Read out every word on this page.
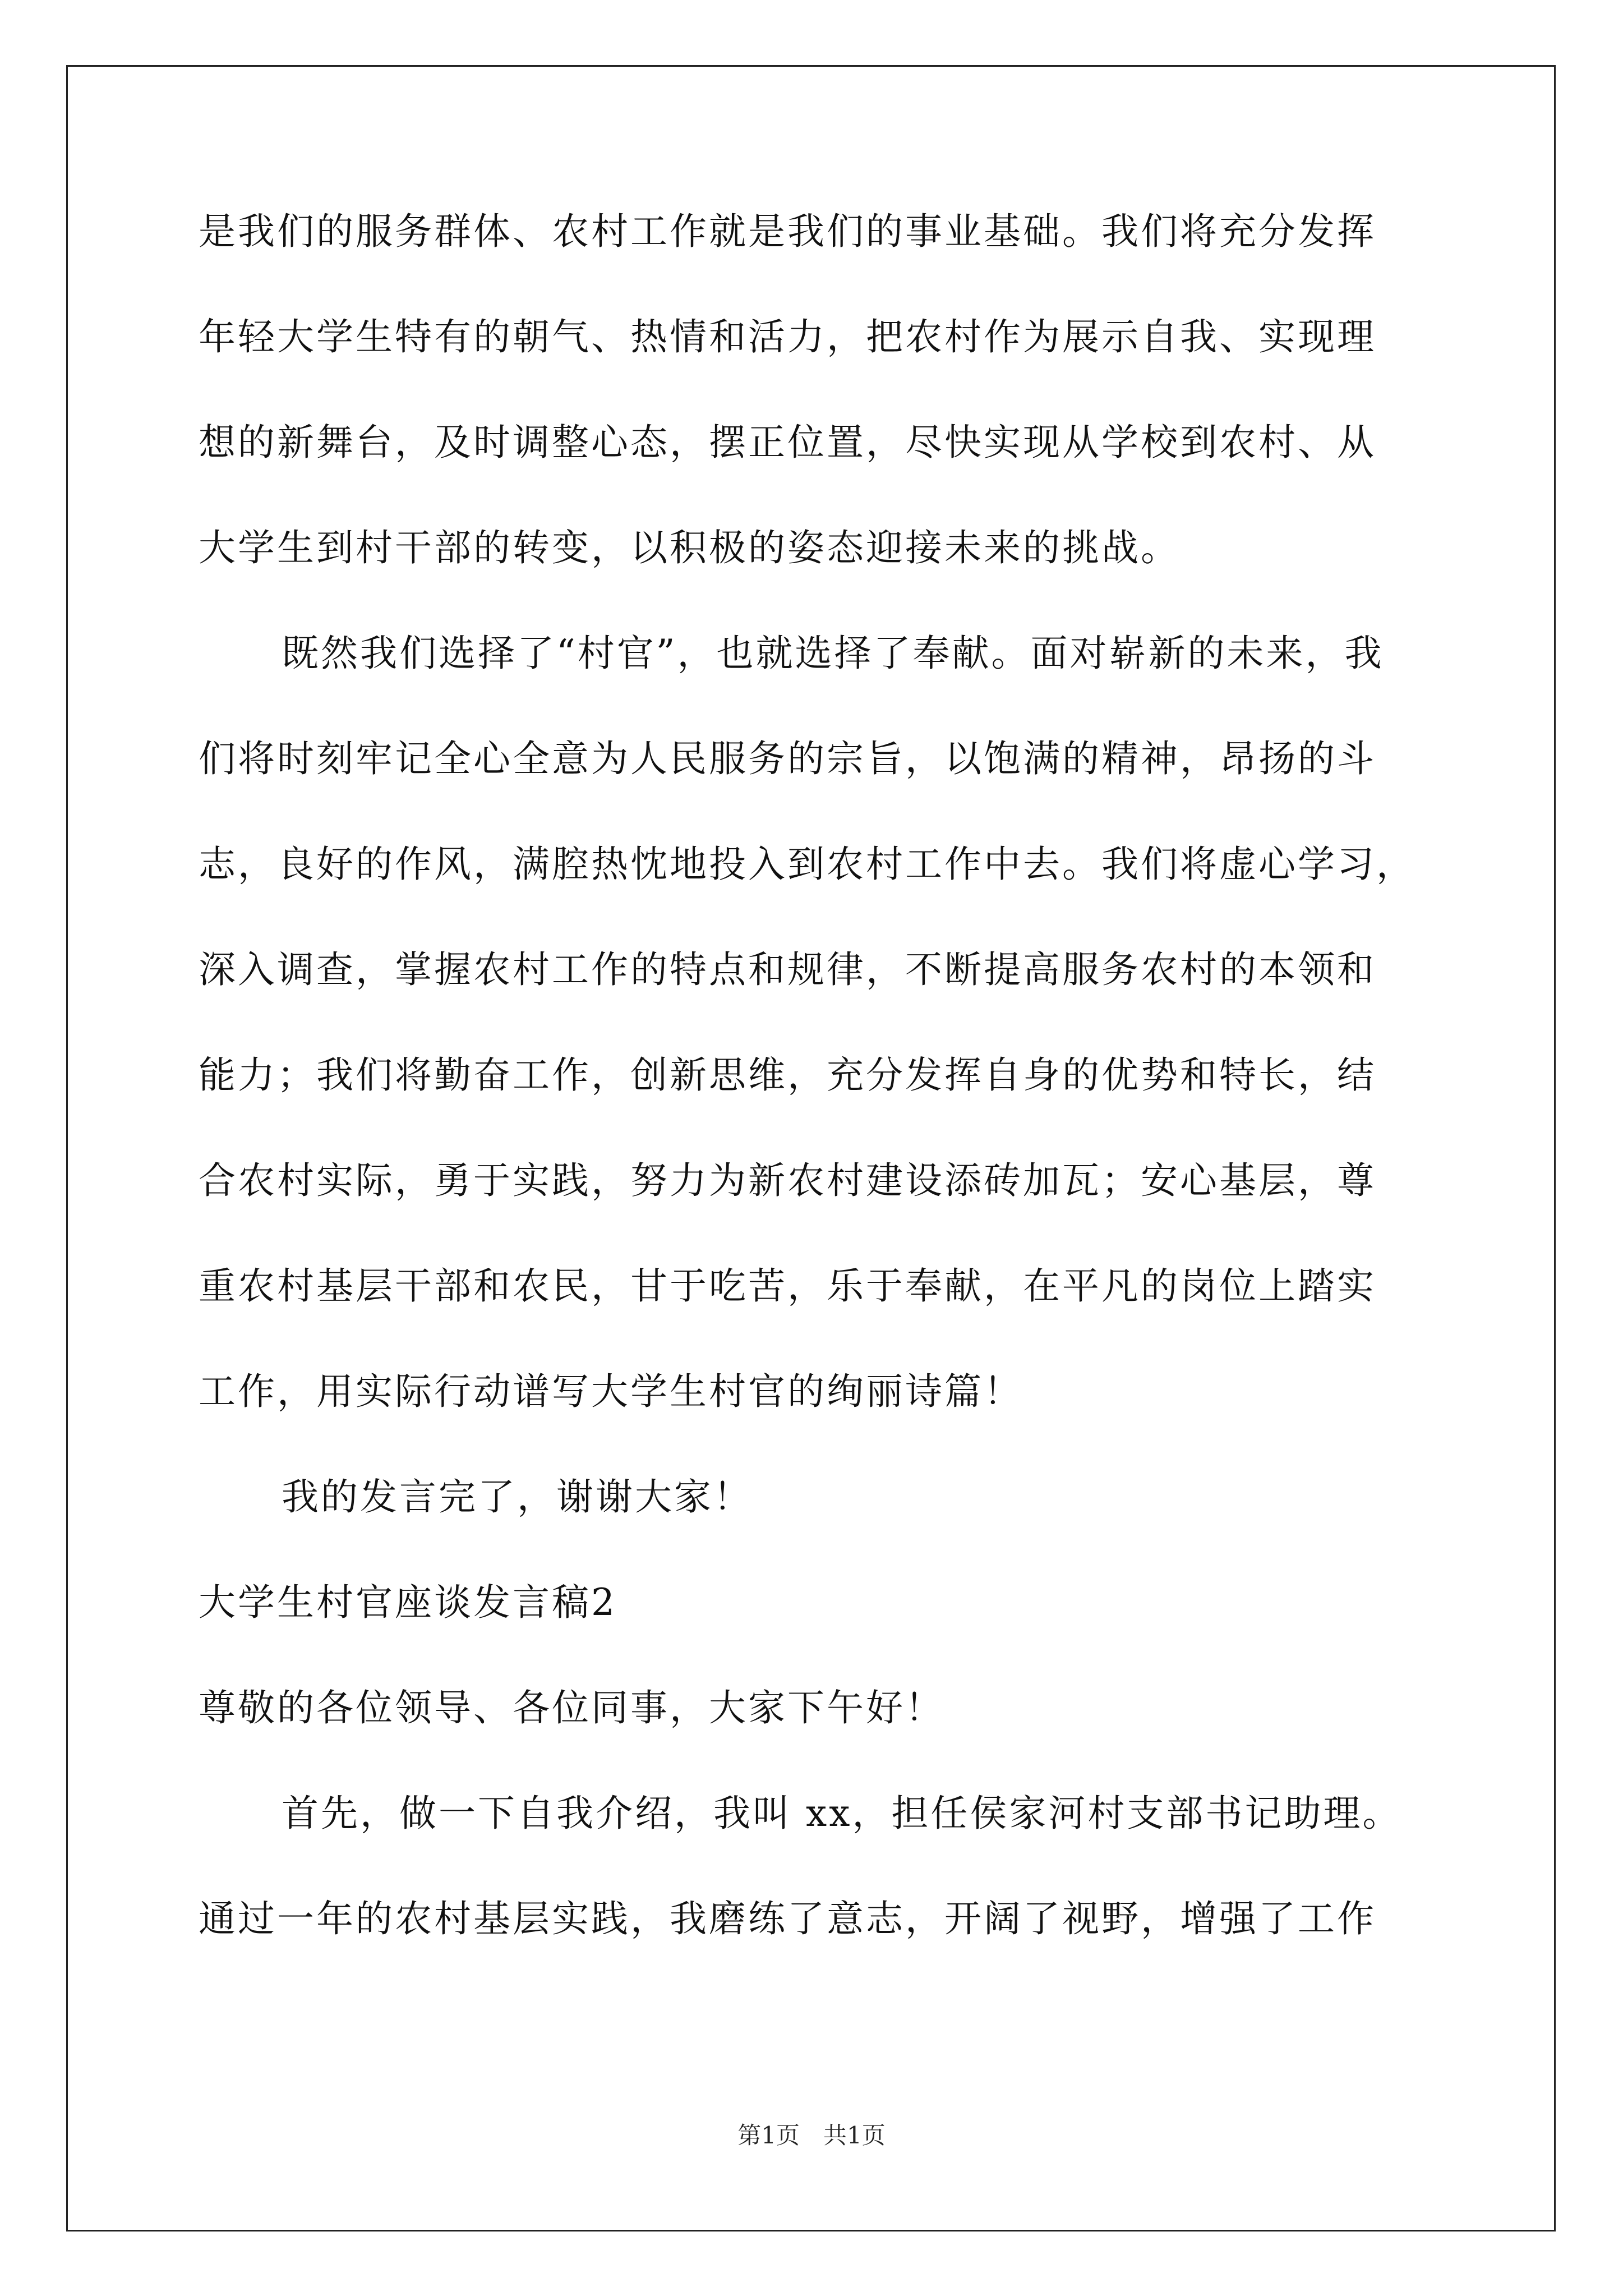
是我们的服务群体、农村工作就是我们的事业基础。我们将充分发挥
年轻大学生特有的朝气、热情和活力，把农村作为展示自我、实现理
想的新舞台，及时调整心态，摆正位置，尽快实现从学校到农村、从
大学生到村干部的转变，以积极的姿态迎接未来的挑战。
既然我们选择了“村官”，也就选择了奉献。面对崭新的未来，我
们将时刻牢记全心全意为人民服务的宗旨，以饱满的精神，昂扬的斗
志，良好的作风，满腔热忱地投入到农村工作中去。我们将虚心学习，
深入调查，掌握农村工作的特点和规律，不断提高服务农村的本领和
能力；我们将勤奋工作，创新思维，充分发挥自身的优势和特长，结
合农村实际，勇于实践，努力为新农村建设添砖加瓦；安心基层，尊
重农村基层干部和农民，甘于吃苦，乐于奉献，在平凡的岗位上踏实
工作，用实际行动谱写大学生村官的绚丽诗篇！
我的发言完了，谢谢大家！
大学生村官座谈发言稿2
尊敬的各位领导、各位同事，大家下午好！
首先，做一下自我介绍，我叫 xx，担任侯家河村支部书记助理。
通过一年的农村基层实践，我磨练了意志，开阔了视野，增强了工作
第1页　共1页
